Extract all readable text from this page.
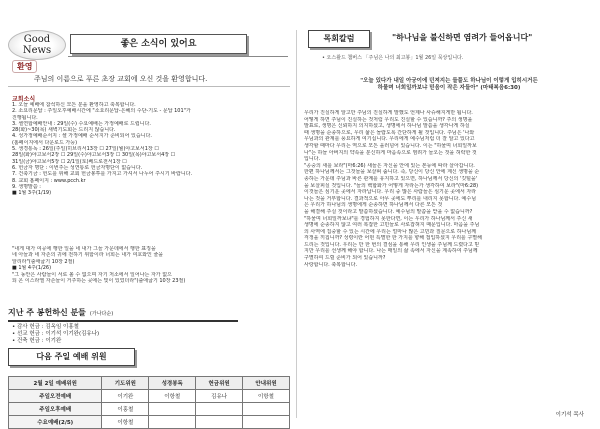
Good
News
좋은 소식이 있어요
환영
주님의 이름으로 푸른 초장 교회에 오신 것을 환영합니다.
교회소식

1. 오늘 예배에 참석하신 모든 분을 환영하고 축복합니다.

2. 소요리문답 : 주일오후예배시간에 "소요리문답-은혜의 수단-기도 - 문답 101"가

진행됩니다.

3. 셀연합예배안내 : 29일(수) 수요예배는 가정예배로 드립니다.

28(화)~30(목) 새벽기도회는 드리지 않습니다.

4. 성가정예배순서지 : 셀 가정예배 순서지가 준비되어 있습니다.

(홈페이지에서 다운로드 가능)

5. 생경통독 : 26일(주일)히브리서13장 ☐ 27일(월)야고보서1장 ☐

28일(화)야고보서2장 ☐ 29일(수)야고보서3장 ☐ 30일(목)야고보서4장 ☐

31일(금)야고보서5장 ☐ 2/1일(토)베드로전서1장 ☐

6. 헌금자 명단 : 이번주는 성연통로 헌금자명단이 없습니다.

7. 건축기금 : 헌도를 위해 교회 헌금봉투를 가지고 가셔서 나누어 주시기 바랍니다.

8. 교회 홈페이지 : www.pcch.kr

9. 생명말씀 :

■ 1월 3주(1/19)

"내게 대가 여공에 행한 일을 네 내가 그들 가운데에서 행한 표징을

네 아들과 네 자손의 귀에 전하기 위함이라 너희는 내가 여호와인 줄을

알리라"(출애굽기 10장 2절)

■ 1월 4주(1/26)

"그 동안은 사람들이 서로 볼 수 없으며 자기 처소에서 일어나는 자가 없으

되 온 이스라엘 자손들이 거주하는 곳에는 빛이 있었더라"(출애굽기 10장 23절)

지난 주 봉헌하신 분들 (가나다순)

• 감사 헌금 : 김옥임 이홍철

• 선교 헌금 : 이기석 이기완(김유나)

• 건축 헌금 : 이기완

다음 주일 예배 위원
2월 2일 예배위원	기도위원	성경봉독	헌금위원	안내위원
주일오전예배	이기완	이항철	김유나	이항철
주일오후예배	이홍철			
수요예배(2/5)	이항철			
목회칼럼	"하나님을 불신하면 염려가 들어옵니다"
• 오스왈드 챔버스 「주님은 나의 최고봉」1월 26일 묵상입니다.

"오늘 있다가 내일 아궁이에 던져지는 들풀도 하나님이 이렇게 입히시거든

하물며 너희일까보냐 믿음이 작은 자들아" (마태복음6:30)

우리가 진실하게 알고만 주님의 진실하게 말했도 언제나 사슈해지게만 됩니다.

어떻게 하면 주님이 진실하는 것처럼 우리도 진실할 수 있습니까? 주의 생명을

발표로, 생명은 신뢰하지 의지하셨고, 생명에서 하나님 말씀을 생각나게 하실

때 생명을 순종하으로, 우리 삶은 놀랍도록 간단하게 될 것입니다. 주님은 '나와

우님과의 관계를 풍요하게 여기십니다. 우리에게 예수님처럼 더 잘 알고 있다고

생각할 때마다 우리는 역으로 모든 을러넘어 있습니다. 이는 "하물며 너희일까보

나"는 하늘 아버지의 약속을 분신하게 마음속으로 염려가 들오는 것을 허락한 것

입니다.

"공중의 새를 보라"(마6:26) 새들은 자신을 안에 있는 본능에 따라 살아갑니다.

한편 하나님께서는 그것들을 보살펴 줍니다. 즉, 당신이 당신 안에 계신 생명을 순

종하는 가운데 주님과 바른 관계를 유지하고 있으면, 하나님께서 당신의 '깃털을'

을 보살피실 것입니다. "들의 백합화가 어떻게 자라는가 생각하여 보라"(마6:28)

이것들은 심기운 곳에서 자라납니다. 우리 중 많은 사람들은 심기운 곳에서 자라

나는 것을 거부합니다. 결과적으로 아무 곳에도 뿌리를 내리지 못합니다. 예수님

은 우리가 하나님의 생명에게 순종하면 하나님께서 다른 모든 것

을 해결해 주실 것이라고 말씀하셨습니다. 예수님의 말씀을 맏을 수 없습니까?

"하물며 너희일까보냐"를 경험하지 못한다면, 이는 우리가 하나님께서 주신 새

생명에 순종하지 않고 여러 복잡한 고민들로 사로잡혀지 때문입니다. 마음을 주님

의 사역에 집중할 수 있는 시간에 우리는 얼마나 많은 고민과 질문으로 하나님께

걱정을 끼칩니까? 성령이란 어떤 특별한 한 가지를 향해 접입하셨지 우리를 구별해

드리는 것입니다. 우리는 만 한 번의 결심을 통해 우리 인생을 주님께 드렸다고 믿

지만 우리를 선생께 해야 합니다. 나는 매일의 삶 속에서 자신을 계속하여 주님께

구별하여 드릴 준비가 되어 있습니까?

사랑합니다. 축복합니다.

이기석 목사
